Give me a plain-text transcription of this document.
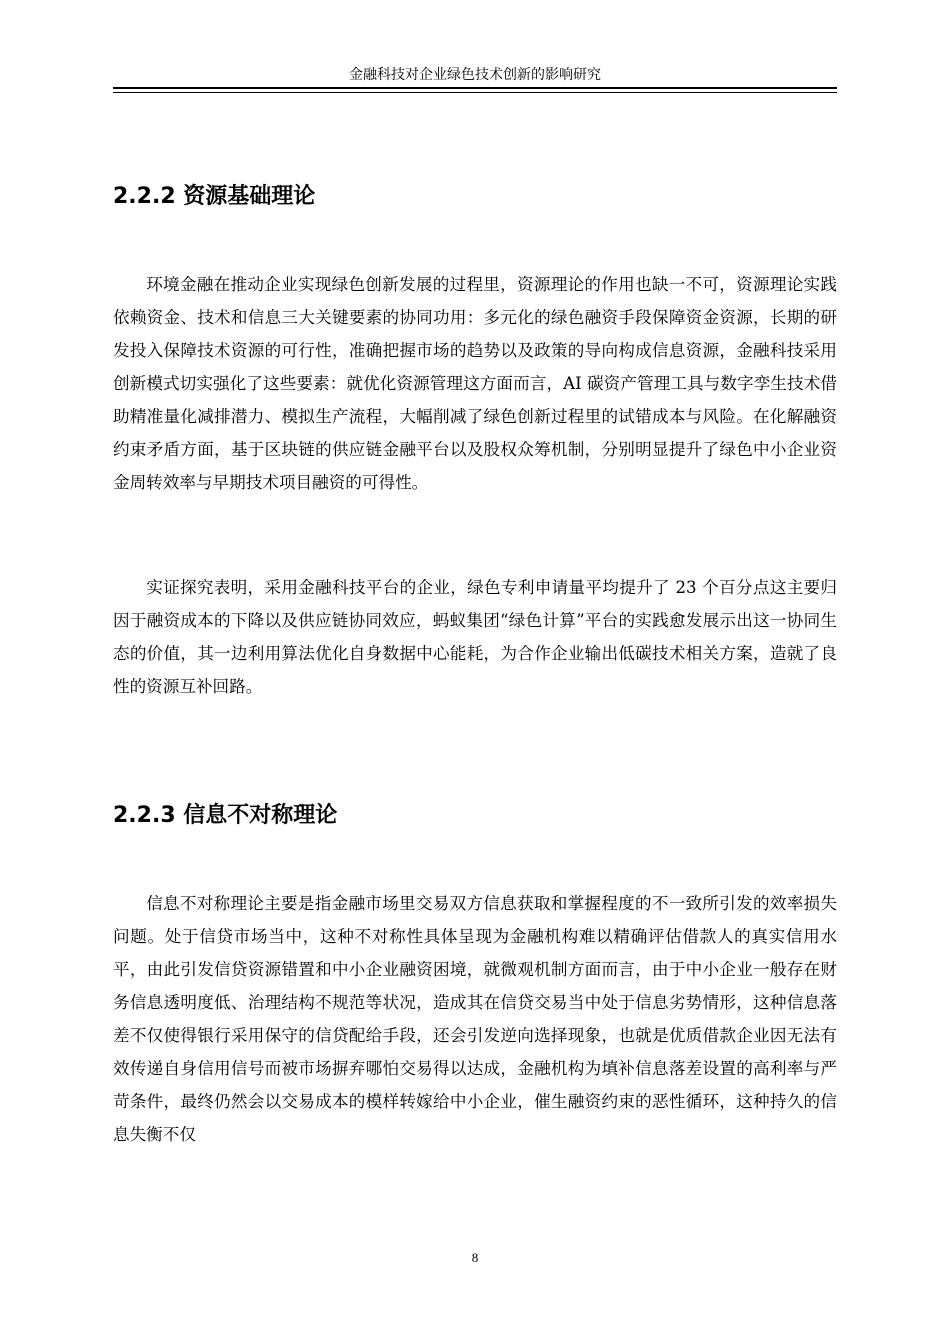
金融科技对企业绿色技术创新的影响研究
2.2.2 资源基础理论

环境金融在推动企业实现绿色创新发展的过程里，资源理论的作用也缺一不可，资源理论实践依赖资金、技术和信息三大关键要素的协同功用：多元化的绿色融资手段保障资金资源，长期的研发投入保障技术资源的可行性，准确把握市场的趋势以及政策的导向构成信息资源，金融科技采用创新模式切实强化了这些要素：就优化资源管理这方面而言，AI 碳资产管理工具与数字孪生技术借助精准量化减排潜力、模拟生产流程，大幅削减了绿色创新过程里的试错成本与风险。在化解融资约束矛盾方面，基于区块链的供应链金融平台以及股权众筹机制，分别明显提升了绿色中小企业资金周转效率与早期技术项目融资的可得性。

实证探究表明，采用金融科技平台的企业，绿色专利申请量平均提升了 23 个百分点这主要归因于融资成本的下降以及供应链协同效应，蚂蚁集团“绿色计算”平台的实践愈发展示出这一协同生态的价值，其一边利用算法优化自身数据中心能耗，为合作企业输出低碳技术相关方案，造就了良性的资源互补回路。

2.2.3 信息不对称理论

信息不对称理论主要是指金融市场里交易双方信息获取和掌握程度的不一致所引发的效率损失问题。处于信贷市场当中，这种不对称性具体呈现为金融机构难以精确评估借款人的真实信用水平，由此引发信贷资源错置和中小企业融资困境，就微观机制方面而言，由于中小企业一般存在财务信息透明度低、治理结构不规范等状况，造成其在信贷交易当中处于信息劣势情形，这种信息落差不仅使得银行采用保守的信贷配给手段，还会引发逆向选择现象，也就是优质借款企业因无法有效传递自身信用信号而被市场摒弃哪怕交易得以达成，金融机构为填补信息落差设置的高利率与严苛条件，最终仍然会以交易成本的模样转嫁给中小企业，催生融资约束的恶性循环，这种持久的信息失衡不仅

8
